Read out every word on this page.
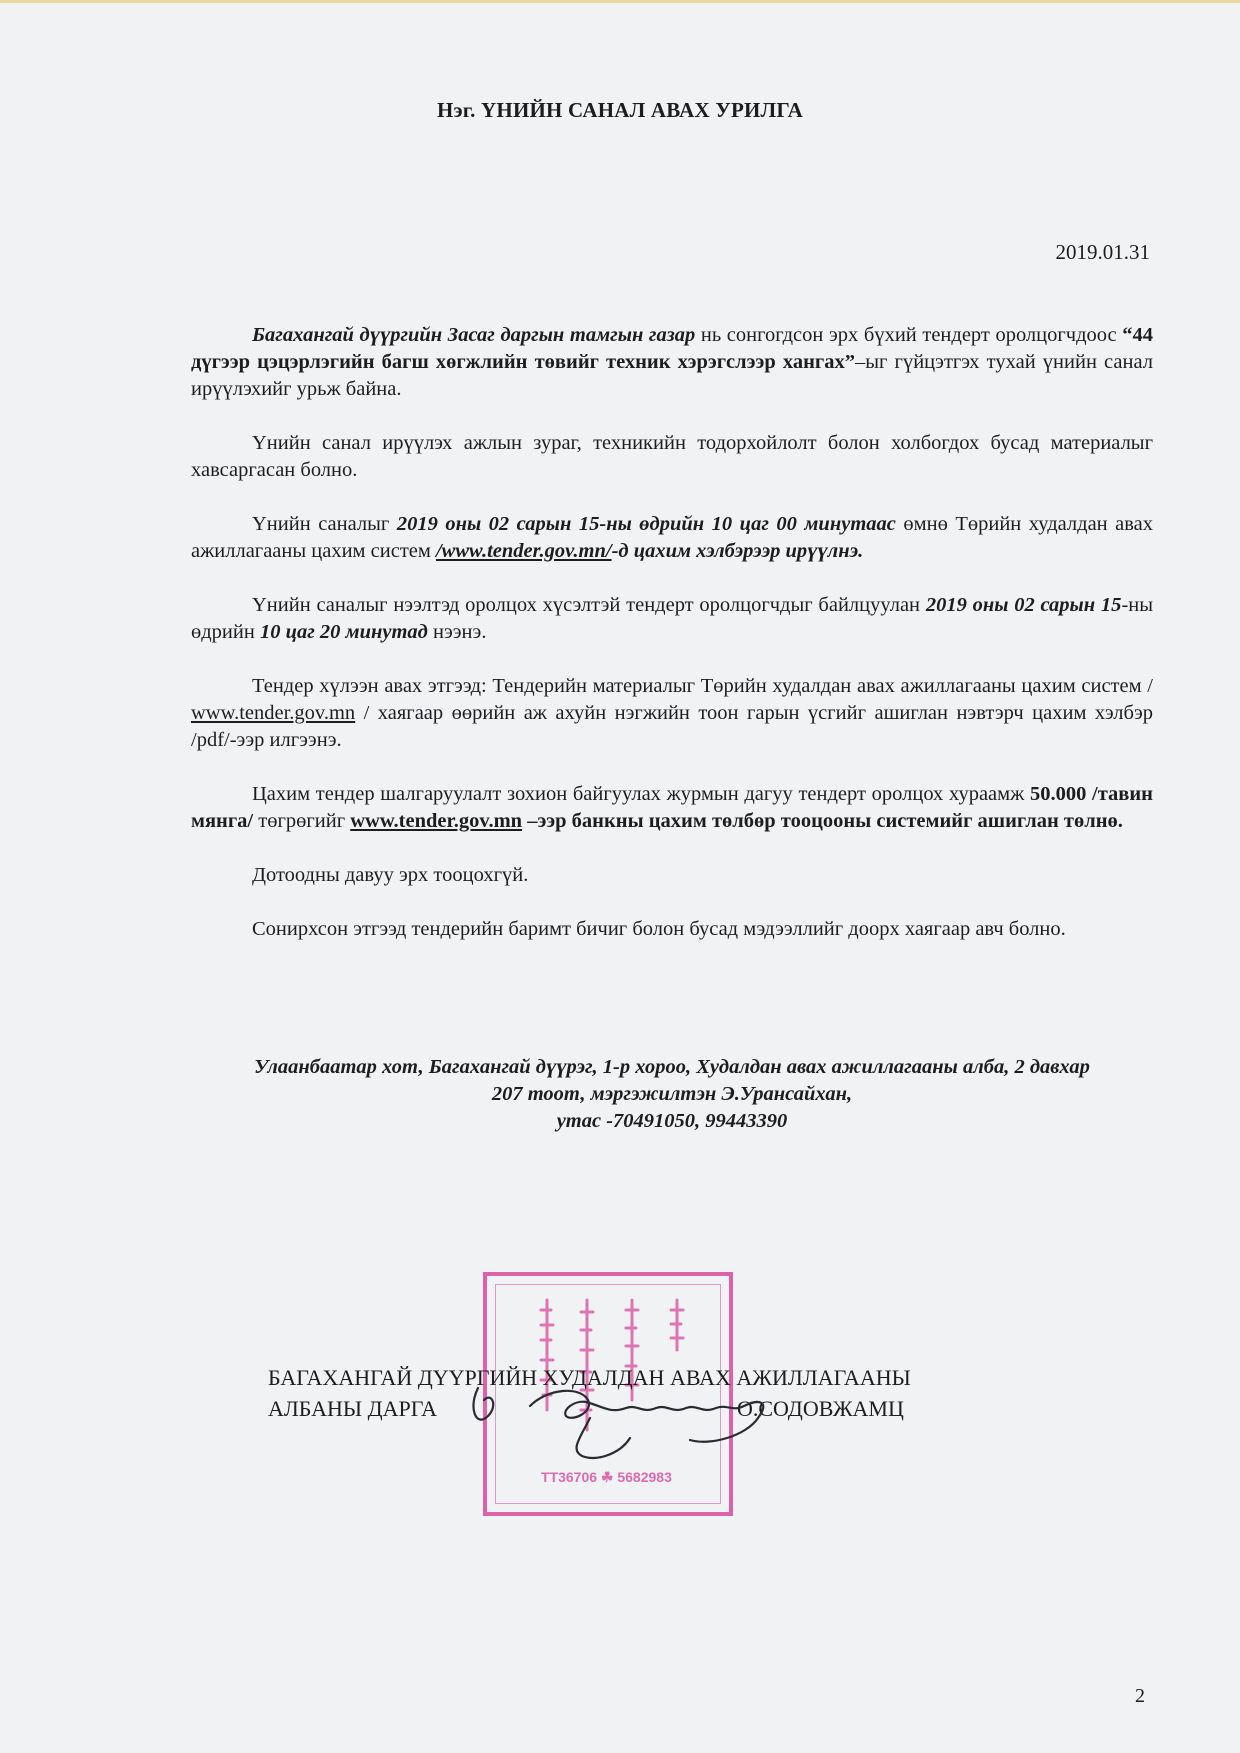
Нэг. ҮНИЙН САНАЛ АВАХ УРИЛГА
2019.01.31

Багахангай дүүргийн Засаг даргын тамгын газар нь сонгогдсон эрх бүхий тендерт оролцогчдоос “44 дүгээр цэцэрлэгийн багш хөгжлийн төвийг техник хэрэгслээр хангах”–ыг гүйцэтгэх тухай үнийн санал ирүүлэхийг урьж байна.

Үнийн санал ирүүлэх ажлын зураг, техникийн тодорхойлолт болон холбогдох бусад материалыг хавсаргасан болно.

Үнийн саналыг 2019 оны 02 сарын 15-ны өдрийн 10 цаг 00 минутаас өмнө Төрийн худалдан авах ажиллагааны цахим систем /www.tender.gov.mn/-д цахим хэлбэрээр ирүүлнэ.

Үнийн саналыг нээлтэд оролцох хүсэлтэй тендерт оролцогчдыг байлцуулан 2019 оны 02 сарын 15-ны өдрийн 10 цаг 20 минутад нээнэ.

Тендер хүлээн авах этгээд: Тендерийн материалыг Төрийн худалдан авах ажиллагааны цахим систем / www.tender.gov.mn / хаягаар өөрийн аж ахуйн нэгжийн тоон гарын үсгийг ашиглан нэвтэрч цахим хэлбэр /pdf/-ээр илгээнэ.

Цахим тендер шалгаруулалт зохион байгуулах журмын дагуу тендерт оролцох хураамж 50.000 /тавин мянга/ төгрөгийг www.tender.gov.mn –ээр банкны цахим төлбөр тооцооны системийг ашиглан төлнө.

Дотоодны давуу эрх тооцохгүй.

Сонирхсон этгээд тендерийн баримт бичиг болон бусад мэдээллийг доорх хаягаар авч болно.

Улаанбаатар хот, Багахангай дүүрэг, 1-р хороо, Худалдан авах ажиллагааны алба, 2 давхар
207 тоот, мэргэжилтэн Э.Урансайхан,
утас -70491050, 99443390
ТТ36706 ☘ 5682983
БАГАХАНГАЙ ДҮҮРГИЙН ХУДАЛДАН АВАХ АЖИЛЛАГААНЫ
АЛБАНЫ ДАРГА	О.СОДОВЖАМЦ
2
